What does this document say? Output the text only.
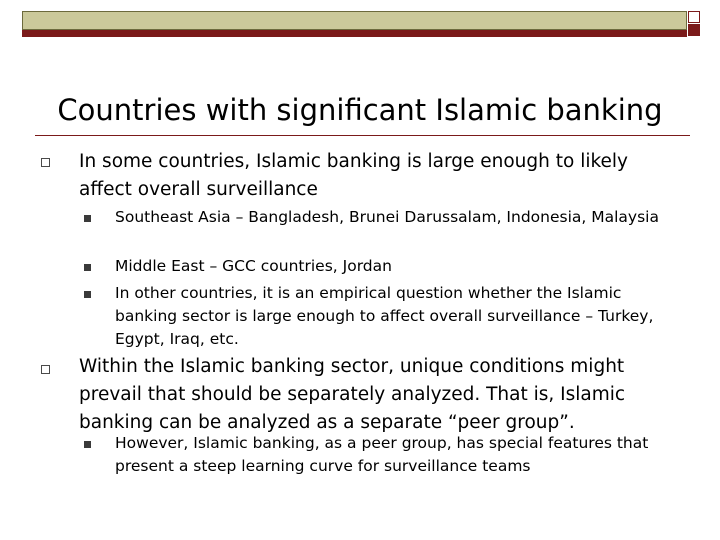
Countries with significant Islamic banking
In some countries, Islamic banking is large enough to likely affect overall surveillance
Southeast Asia – Bangladesh, Brunei Darussalam, Indonesia, Malaysia
Middle East – GCC countries, Jordan
In other countries, it is an empirical question whether the Islamic banking sector is large enough to affect overall surveillance – Turkey, Egypt, Iraq, etc.
Within the Islamic banking sector, unique conditions might prevail that should be separately analyzed. That is, Islamic banking can be analyzed as a separate “peer group”.
However, Islamic banking, as a peer group, has special features that present a steep learning curve for surveillance teams
